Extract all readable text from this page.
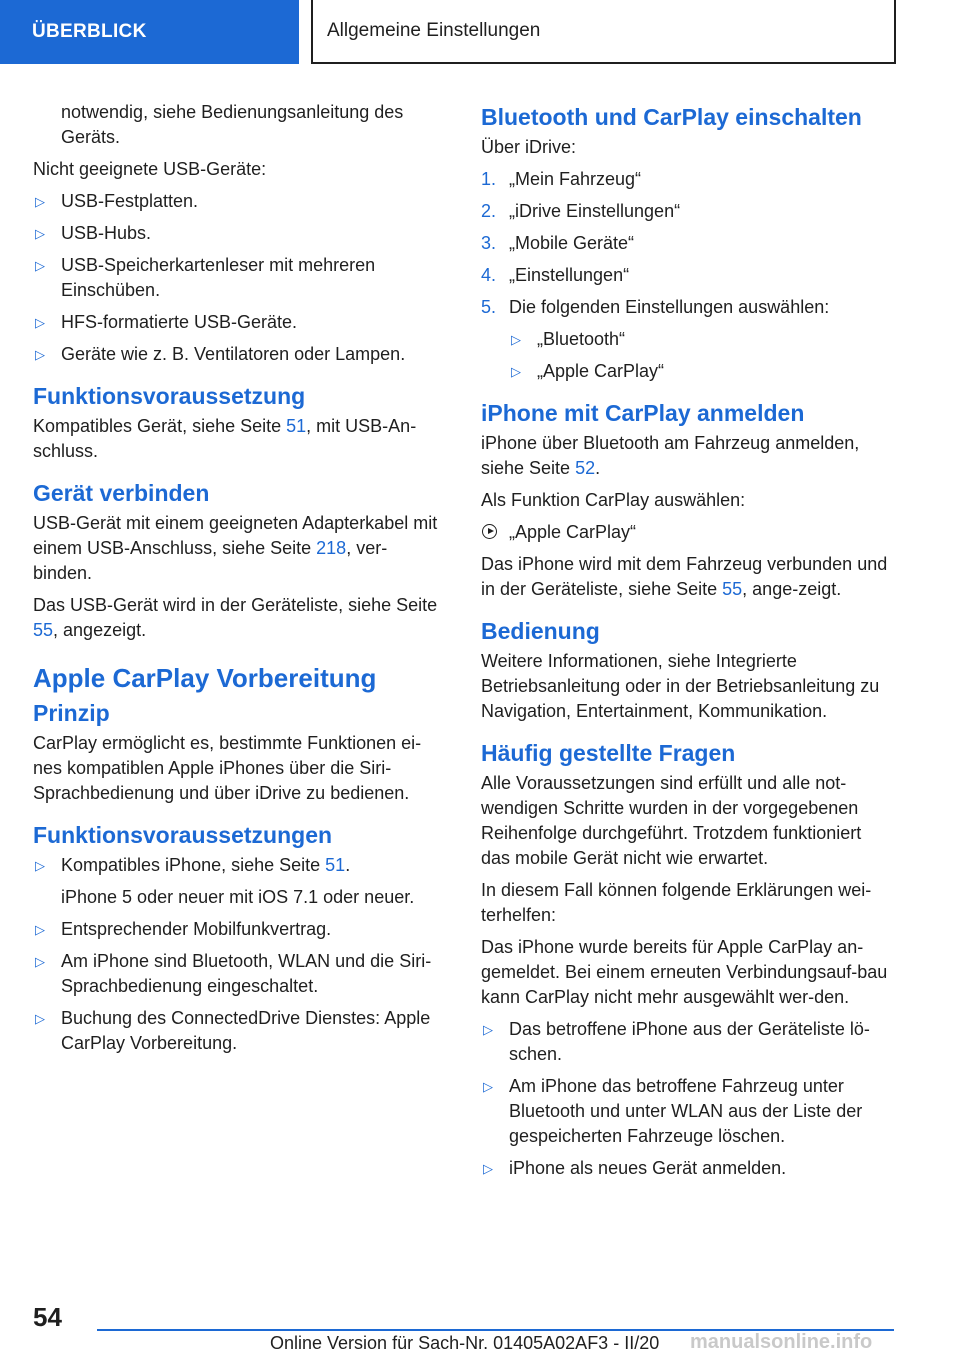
ÜBERBLICK	Allgemeine Einstellungen

notwendig, siehe Bedienungsanleitung des Geräts.

Nicht geeignete USB-Geräte:

▷ USB-Festplatten.
▷ USB-Hubs.
▷ USB-Speicherkartenleser mit mehreren Einschüben.
▷ HFS-formatierte USB-Geräte.
▷ Geräte wie z. B. Ventilatoren oder Lampen.
Funktionsvoraussetzung

Kompatibles Gerät, siehe Seite 51, mit USB-An-schluss.

Gerät verbinden

USB-Gerät mit einem geeigneten Adapterkabel mit einem USB-Anschluss, siehe Seite 218, ver-binden.

Das USB-Gerät wird in der Geräteliste, siehe Seite 55, angezeigt.

Apple CarPlay Vorbereitung
Prinzip

CarPlay ermöglicht es, bestimmte Funktionen ei-nes kompatiblen Apple iPhones über die Siri-Sprachbedienung und über iDrive zu bedienen.

Funktionsvoraussetzungen
▷ Kompatibles iPhone, siehe Seite 51.
iPhone 5 oder neuer mit iOS 7.1 oder neuer.
▷ Entsprechender Mobilfunkvertrag.
▷ Am iPhone sind Bluetooth, WLAN und die Siri-Sprachbedienung eingeschaltet.
▷ Buchung des ConnectedDrive Dienstes: Apple CarPlay Vorbereitung.
Bluetooth und CarPlay einschalten

Über iDrive:

1. „Mein Fahrzeug“
2. „iDrive Einstellungen“
3. „Mobile Geräte“
4. „Einstellungen“
5. Die folgenden Einstellungen auswählen:
▷ „Bluetooth“
▷ „Apple CarPlay“
iPhone mit CarPlay anmelden

iPhone über Bluetooth am Fahrzeug anmelden, siehe Seite 52.

Als Funktion CarPlay auswählen:

„Apple CarPlay“

Das iPhone wird mit dem Fahrzeug verbunden und in der Geräteliste, siehe Seite 55, ange-zeigt.

Bedienung

Weitere Informationen, siehe Integrierte Betriebsanleitung oder in der Betriebsanleitung zu Navigation, Entertainment, Kommunikation.

Häufig gestellte Fragen

Alle Voraussetzungen sind erfüllt und alle not-wendigen Schritte wurden in der vorgegebenen Reihenfolge durchgeführt. Trotzdem funktioniert das mobile Gerät nicht wie erwartet.

In diesem Fall können folgende Erklärungen wei-terhelfen:

Das iPhone wurde bereits für Apple CarPlay an-gemeldet. Bei einem erneuten Verbindungsauf-bau kann CarPlay nicht mehr ausgewählt wer-den.

▷ Das betroffene iPhone aus der Geräteliste lö-schen.
▷ Am iPhone das betroffene Fahrzeug unter Bluetooth und unter WLAN aus der Liste der gespeicherten Fahrzeuge löschen.
▷ iPhone als neues Gerät anmelden.
54
Online Version für Sach-Nr. 01405A02AF3 - II/20	manualsonline.info
